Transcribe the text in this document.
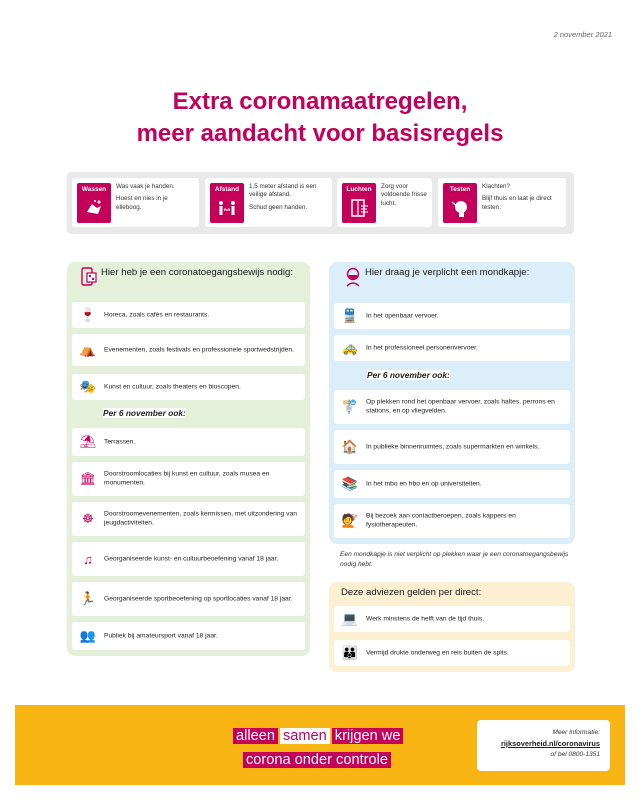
2 november 2021
Extra coronamaatregelen,
meer aandacht voor basisregels
Wassen	Was vaak je handen.

Hoest en nies in je elleboog.

Afstand	1,5 meter afstand is een veilige afstand.

Schud geen handen.

Luchten	Zorg voor voldoende frisse lucht.

Testen	Klachten?

Blijf thuis en laat je direct testen.

Hier heb je een coronatoegangsbewijs nodig:
🍷 Horeca, zoals cafés en restaurants.
⛺ Evenementen, zoals festivals en professionele sportwedstrijden.
🎭 Kunst en cultuur, zoals theaters en bioscopen.
Per 6 november ook:
⛱ Terrassen.
🏛 Doorstroomlocaties bij kunst en cultuur, zoals musea en monumenten.
☸	Doorstroomevenementen, zoals kermissen, met uitzondering van jeugdactiviteiten.
♫	Georganiseerde kunst- en cultuurbeoefening vanaf 18 jaar.
🏃 Georganiseerde sportbeoefening op sportlocaties vanaf 18 jaar.
👥 Publiek bij amateursport vanaf 18 jaar.
Hier draag je verplicht een mondkapje:
🚆 In het openbaar vervoer.
🚕 In het professioneel personenvervoer.
Per 6 november ook:
🚏 Op plekken rond het openbaar vervoer, zoals haltes, perrons en stations, en op vliegvelden.
🏠 In publieke binnenruimtes, zoals supermarkten en winkels.
📚 In het mbo en hbo en op universiteiten.
💇 Bij bezoek aan contactberoepen, zoals kappers en fysiotherapeuten.
Een mondkapje is niet verplicht op plekken waar je een coronatoegangsbewijs nodig hebt.
Deze adviezen gelden per direct:
💻 Werk minstens de helft van de tijd thuis.
👪 Vermijd drukte onderweg en reis buiten de spits.
alleen samen krijgen we
corona onder controle
Meer informatie:
rijksoverheid.nl/coronavirus
of bel 0800-1351
